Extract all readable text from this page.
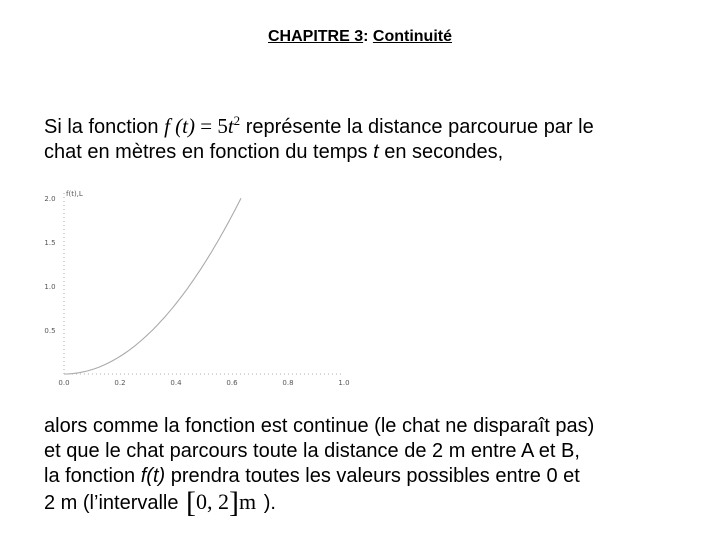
CHAPITRE 3: Continuité
Si la fonction f $(t) = 5t^2$ représente la distance parcourue par le
chat en mètres en fonction du temps t en secondes,
0.0	0.2	0.4	0.6	0.8	1.0
0.5
1.0
1.5
2.0
f(t),L
alors comme la fonction est continue (le chat ne disparaît pas)
et que le chat parcours toute la distance de 2 m entre A et B,
la fonction f(t) prendra toutes les valeurs possibles entre 0 et
2 m (l’intervalle [0, 2]m ).
